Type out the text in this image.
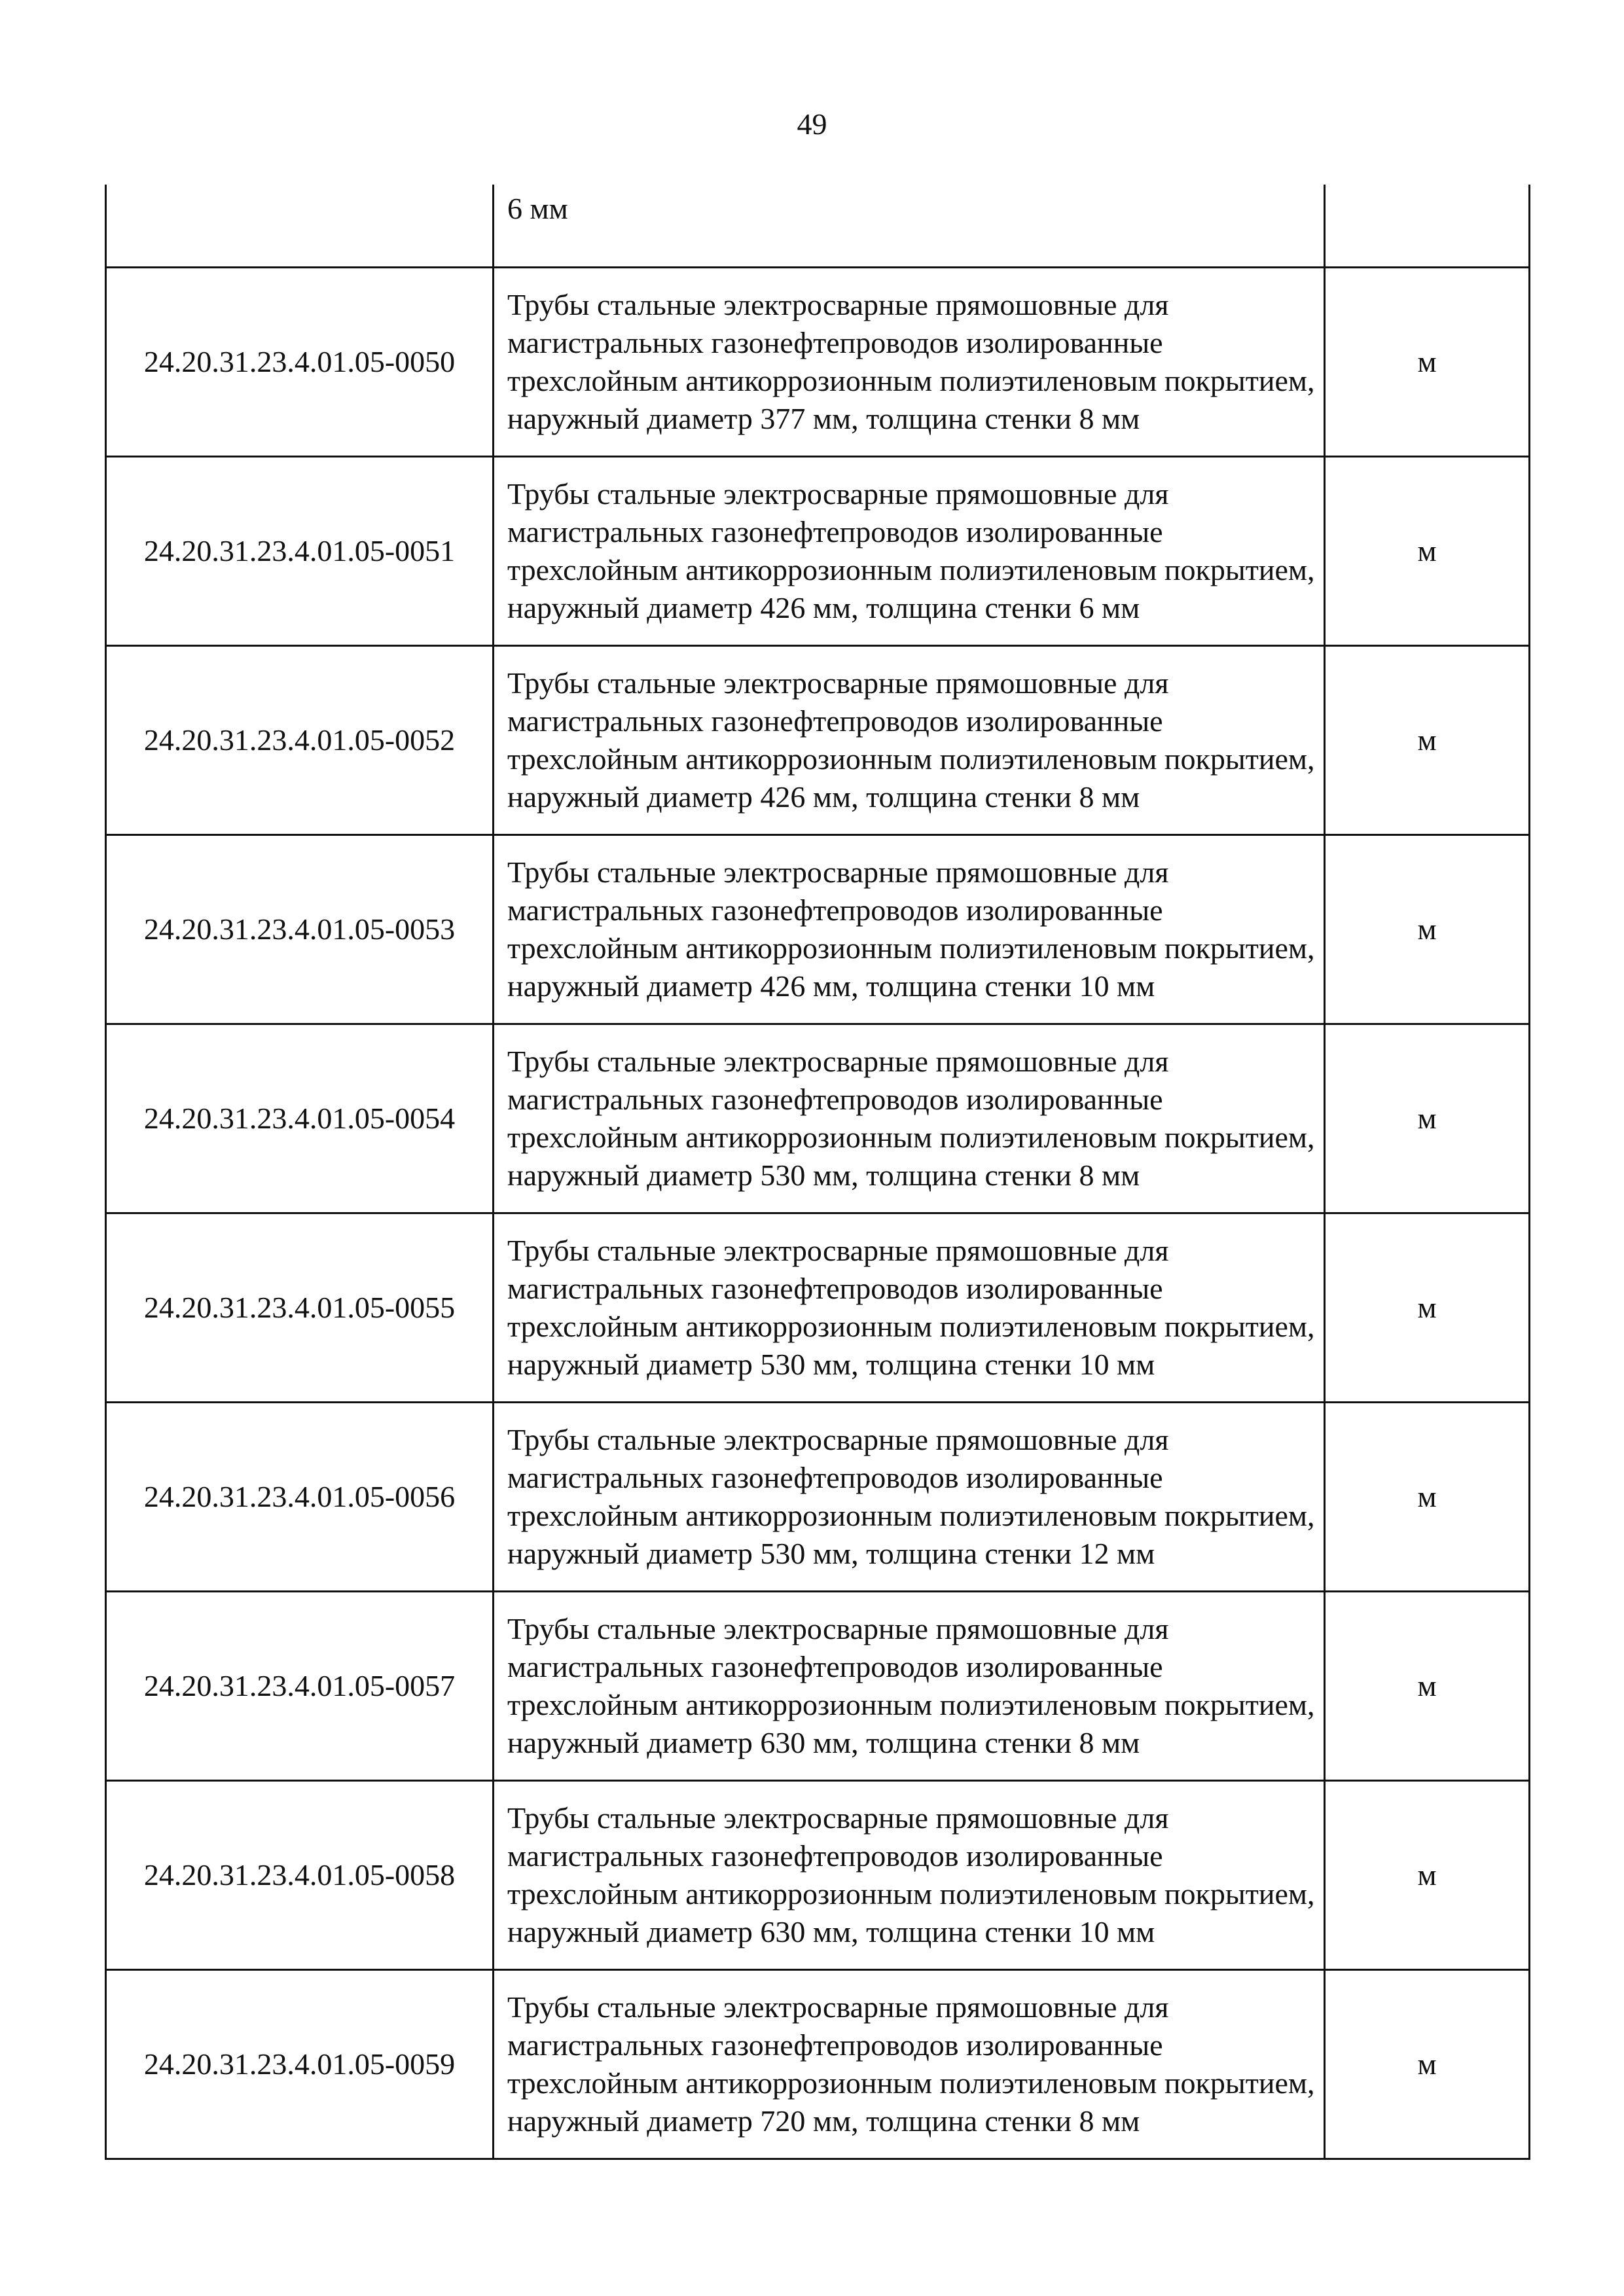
49

	6 мм	

24.20.31.23.4.01.05-0050	Трубы стальные электросварные прямошовные для магистральных газонефтепроводов изолированные трехслойным антикоррозионным полиэтиленовым покрытием, наружный диаметр 377 мм, толщина стенки 8 мм	м
24.20.31.23.4.01.05-0051	Трубы стальные электросварные прямошовные для магистральных газонефтепроводов изолированные трехслойным антикоррозионным полиэтиленовым покрытием, наружный диаметр 426 мм, толщина стенки 6 мм	м
24.20.31.23.4.01.05-0052	Трубы стальные электросварные прямошовные для магистральных газонефтепроводов изолированные трехслойным антикоррозионным полиэтиленовым покрытием, наружный диаметр 426 мм, толщина стенки 8 мм	м
24.20.31.23.4.01.05-0053	Трубы стальные электросварные прямошовные для магистральных газонефтепроводов изолированные трехслойным антикоррозионным полиэтиленовым покрытием, наружный диаметр 426 мм, толщина стенки 10 мм	м
24.20.31.23.4.01.05-0054	Трубы стальные электросварные прямошовные для магистральных газонефтепроводов изолированные трехслойным антикоррозионным полиэтиленовым покрытием, наружный диаметр 530 мм, толщина стенки 8 мм	м
24.20.31.23.4.01.05-0055	Трубы стальные электросварные прямошовные для магистральных газонефтепроводов изолированные трехслойным антикоррозионным полиэтиленовым покрытием, наружный диаметр 530 мм, толщина стенки 10 мм	м
24.20.31.23.4.01.05-0056	Трубы стальные электросварные прямошовные для магистральных газонефтепроводов изолированные трехслойным антикоррозионным полиэтиленовым покрытием, наружный диаметр 530 мм, толщина стенки 12 мм	м
24.20.31.23.4.01.05-0057	Трубы стальные электросварные прямошовные для магистральных газонефтепроводов изолированные трехслойным антикоррозионным полиэтиленовым покрытием, наружный диаметр 630 мм, толщина стенки 8 мм	м
24.20.31.23.4.01.05-0058	Трубы стальные электросварные прямошовные для магистральных газонефтепроводов изолированные трехслойным антикоррозионным полиэтиленовым покрытием, наружный диаметр 630 мм, толщина стенки 10 мм	м
24.20.31.23.4.01.05-0059	Трубы стальные электросварные прямошовные для магистральных газонефтепроводов изолированные трехслойным антикоррозионным полиэтиленовым покрытием, наружный диаметр 720 мм, толщина стенки 8 мм	м
